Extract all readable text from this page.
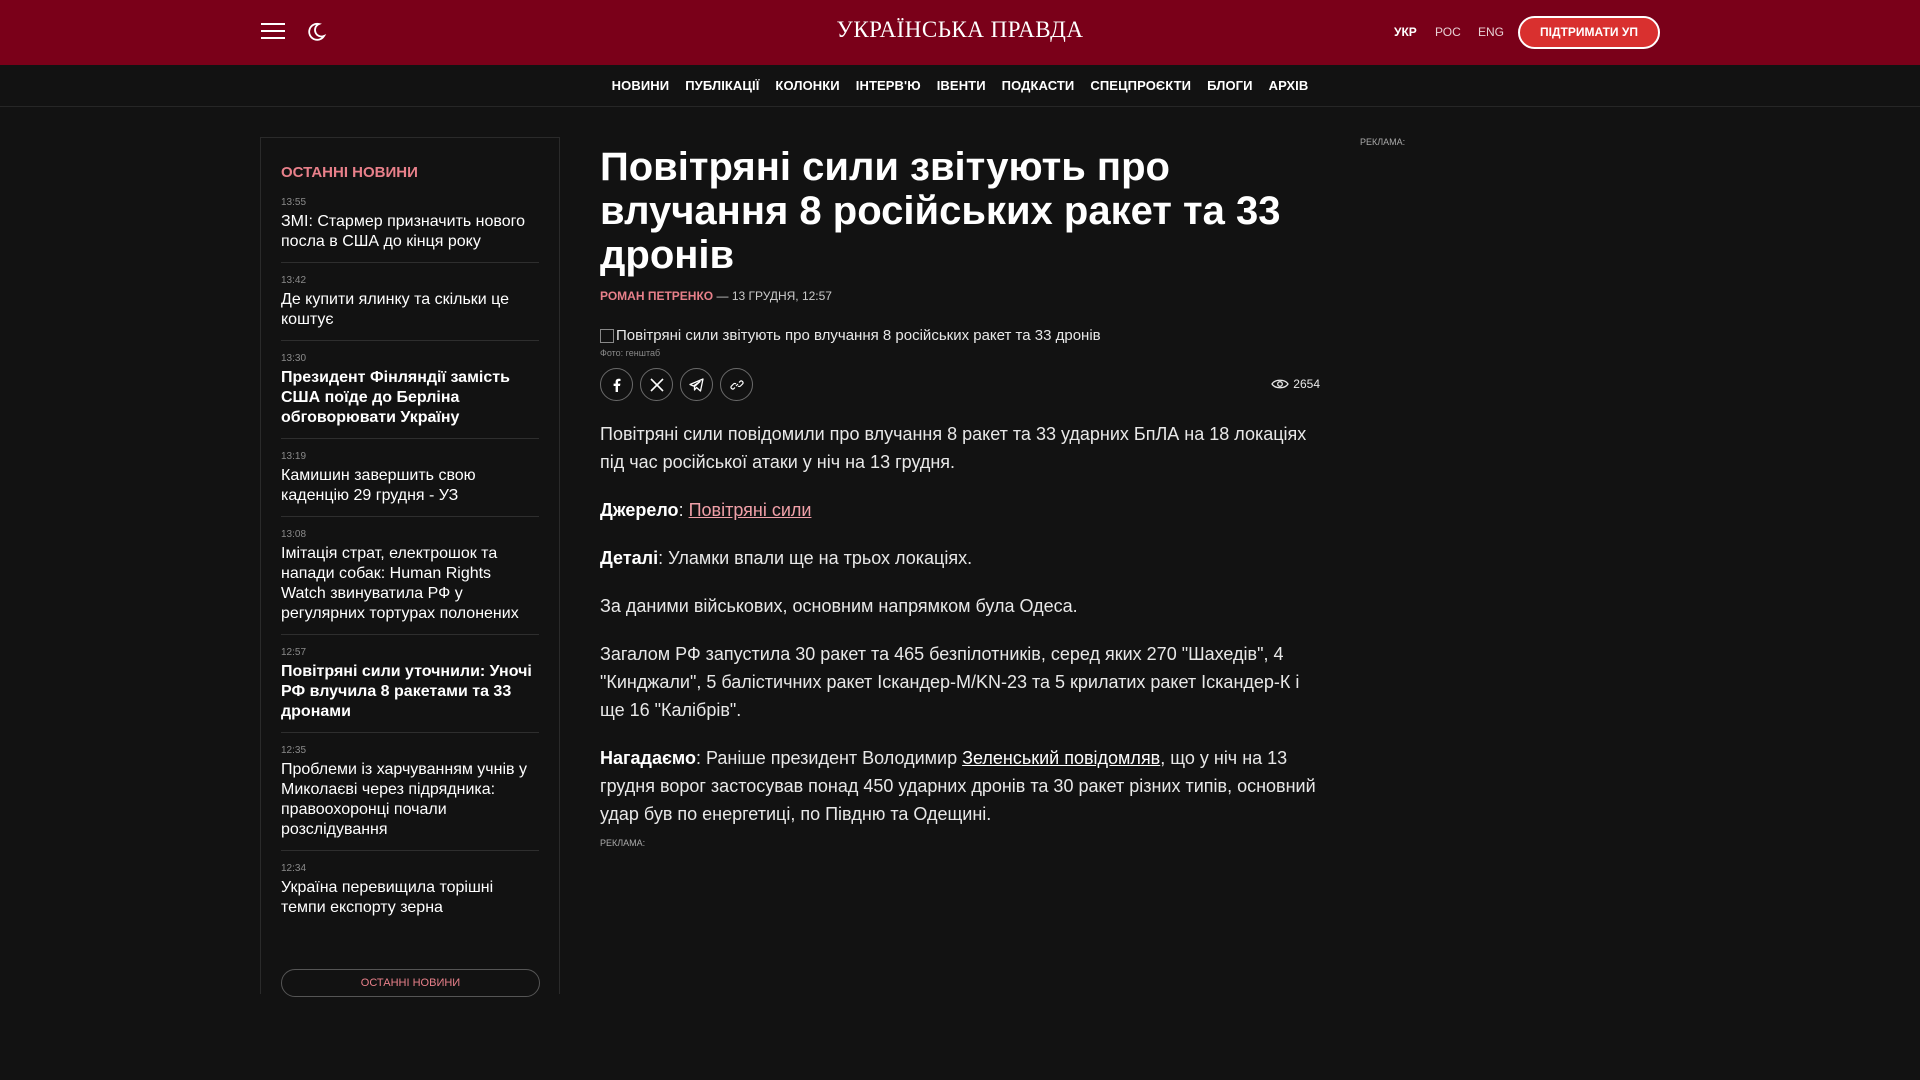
УКРАЇНСЬКА ПРАВДА	УКР РОС ENG	ПІДТРИМАТИ УП
НОВИНИ ПУБЛІКАЦІЇ КОЛОНКИ ІНТЕРВ'Ю ІВЕНТИ ПОДКАСТИ СПЕЦПРОЄКТИ БЛОГИ АРХІВ
ОСТАННІ НОВИНИ
13:55
ЗМІ: Стармер призначить нового посла в США до кінця року
13:42
Де купити ялинку та скільки це коштує
13:30
Президент Фінляндії замість США поїде до Берліна обговорювати Україну
13:19
Камишин завершить свою каденцію 29 грудня - УЗ
13:08
Імітація страт, електрошок та напади собак: Human Rights Watch звинуватила РФ у регулярних тортурах полонених
12:57
Повітряні сили уточнили: Уночі РФ влучила 8 ракетами та 33 дронами
12:35
Проблеми із харчуванням учнів у Миколаєві через підрядника: правоохоронці почали розслідування
12:34
Україна перевищила торішні темпи експорту зерна
ОСТАННІ НОВИНИ
Повітряні сили звітують про влучання 8 російських ракет та 33 дронів
РОМАН ПЕТРЕНКО — 13 ГРУДНЯ, 12:57
Повітряні сили звітують про влучання 8 російських ракет та 33 дронів
Фото: генштаб
2654

Повітряні сили повідомили про влучання 8 ракет та 33 ударних БпЛА на 18 локаціях під час російської атаки у ніч на 13 грудня.

Джерело: Повітряні сили

Деталі: Уламки впали ще на трьох локаціях.

За даними військових, основним напрямком була Одеса.

Загалом РФ запустила 30 ракет та 465 безпілотників, серед яких 270 "Шахедів", 4 "Кинджали", 5 балістичних ракет Іскандер-М/KN-23 та 5 крилатих ракет Іскандер-К і ще 16 "Калібрів".

Нагадаємо: Раніше президент Володимир Зеленський повідомляв, що у ніч на 13 грудня ворог застосував понад 450 ударних дронів та 30 ракет різних типів, основний удар був по енергетиці, по Півдню та Одещині.

РЕКЛАМА:
РЕКЛАМА:
